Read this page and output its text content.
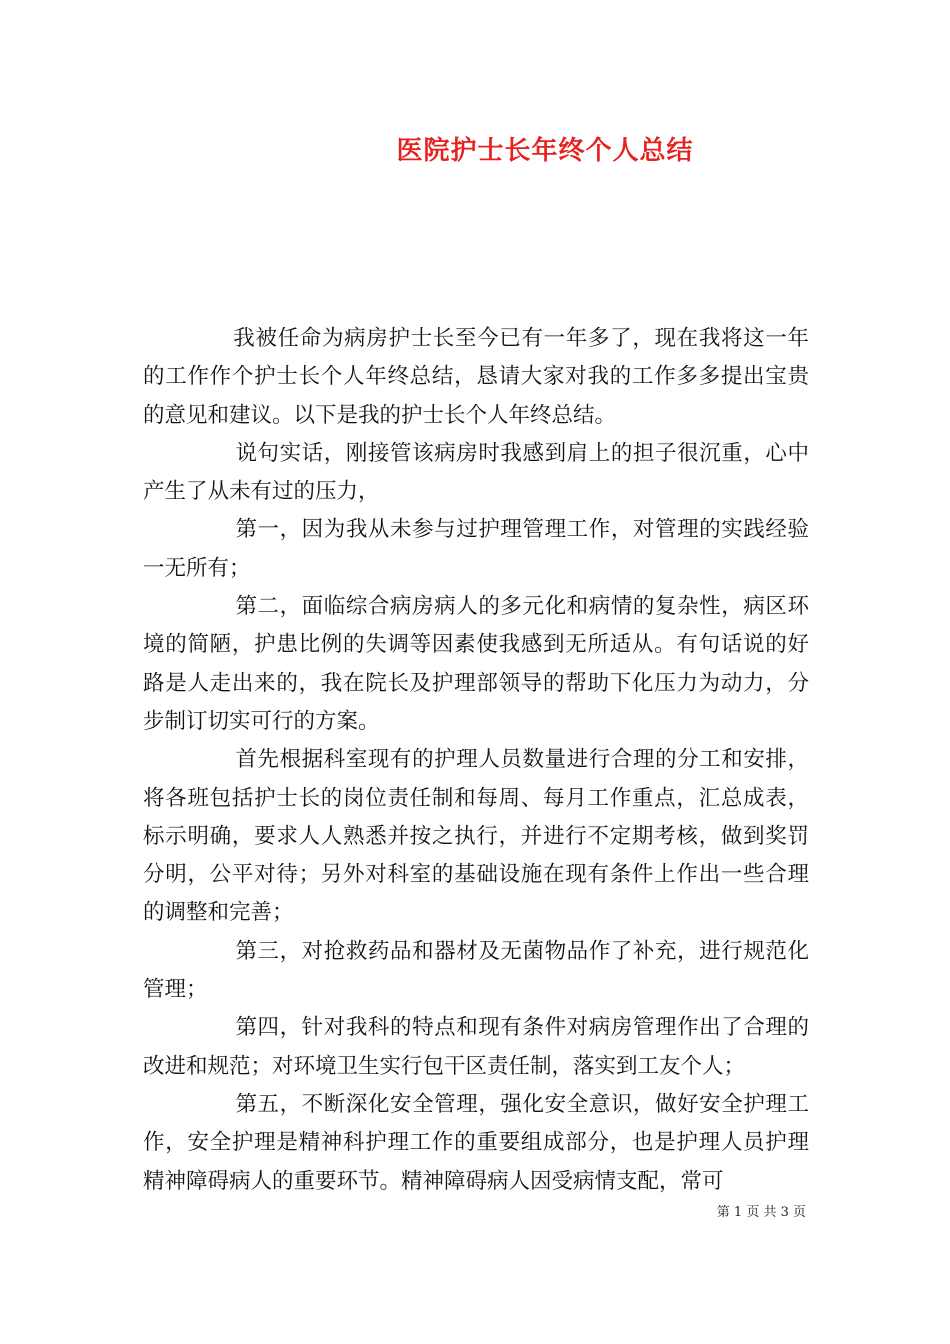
医院护士长年终个人总结

我被任命为病房护士长至今已有一年多了，现在我将这一年的工作作个护士长个人年终总结，恳请大家对我的工作多多提出宝贵的意见和建议。以下是我的护士长个人年终总结。

说句实话，刚接管该病房时我感到肩上的担子很沉重，心中产生了从未有过的压力，

第一，因为我从未参与过护理管理工作，对管理的实践经验一无所有；

第二，面临综合病房病人的多元化和病情的复杂性，病区环境的简陋，护患比例的失调等因素使我感到无所适从。有句话说的好路是人走出来的，我在院长及护理部领导的帮助下化压力为动力，分步制订切实可行的方案。

首先根据科室现有的护理人员数量进行合理的分工和安排，将各班包括护士长的岗位责任制和每周、每月工作重点，汇总成表，标示明确，要求人人熟悉并按之执行，并进行不定期考核，做到奖罚分明，公平对待；另外对科室的基础设施在现有条件上作出一些合理的调整和完善；

第三，对抢救药品和器材及无菌物品作了补充，进行规范化管理；

第四，针对我科的特点和现有条件对病房管理作出了合理的改进和规范；对环境卫生实行包干区责任制，落实到工友个人；

第五，不断深化安全管理，强化安全意识，做好安全护理工作，安全护理是精神科护理工作的重要组成部分，也是护理人员护理精神障碍病人的重要环节。精神障碍病人因受病情支配，常可

第 1 页 共 3 页
